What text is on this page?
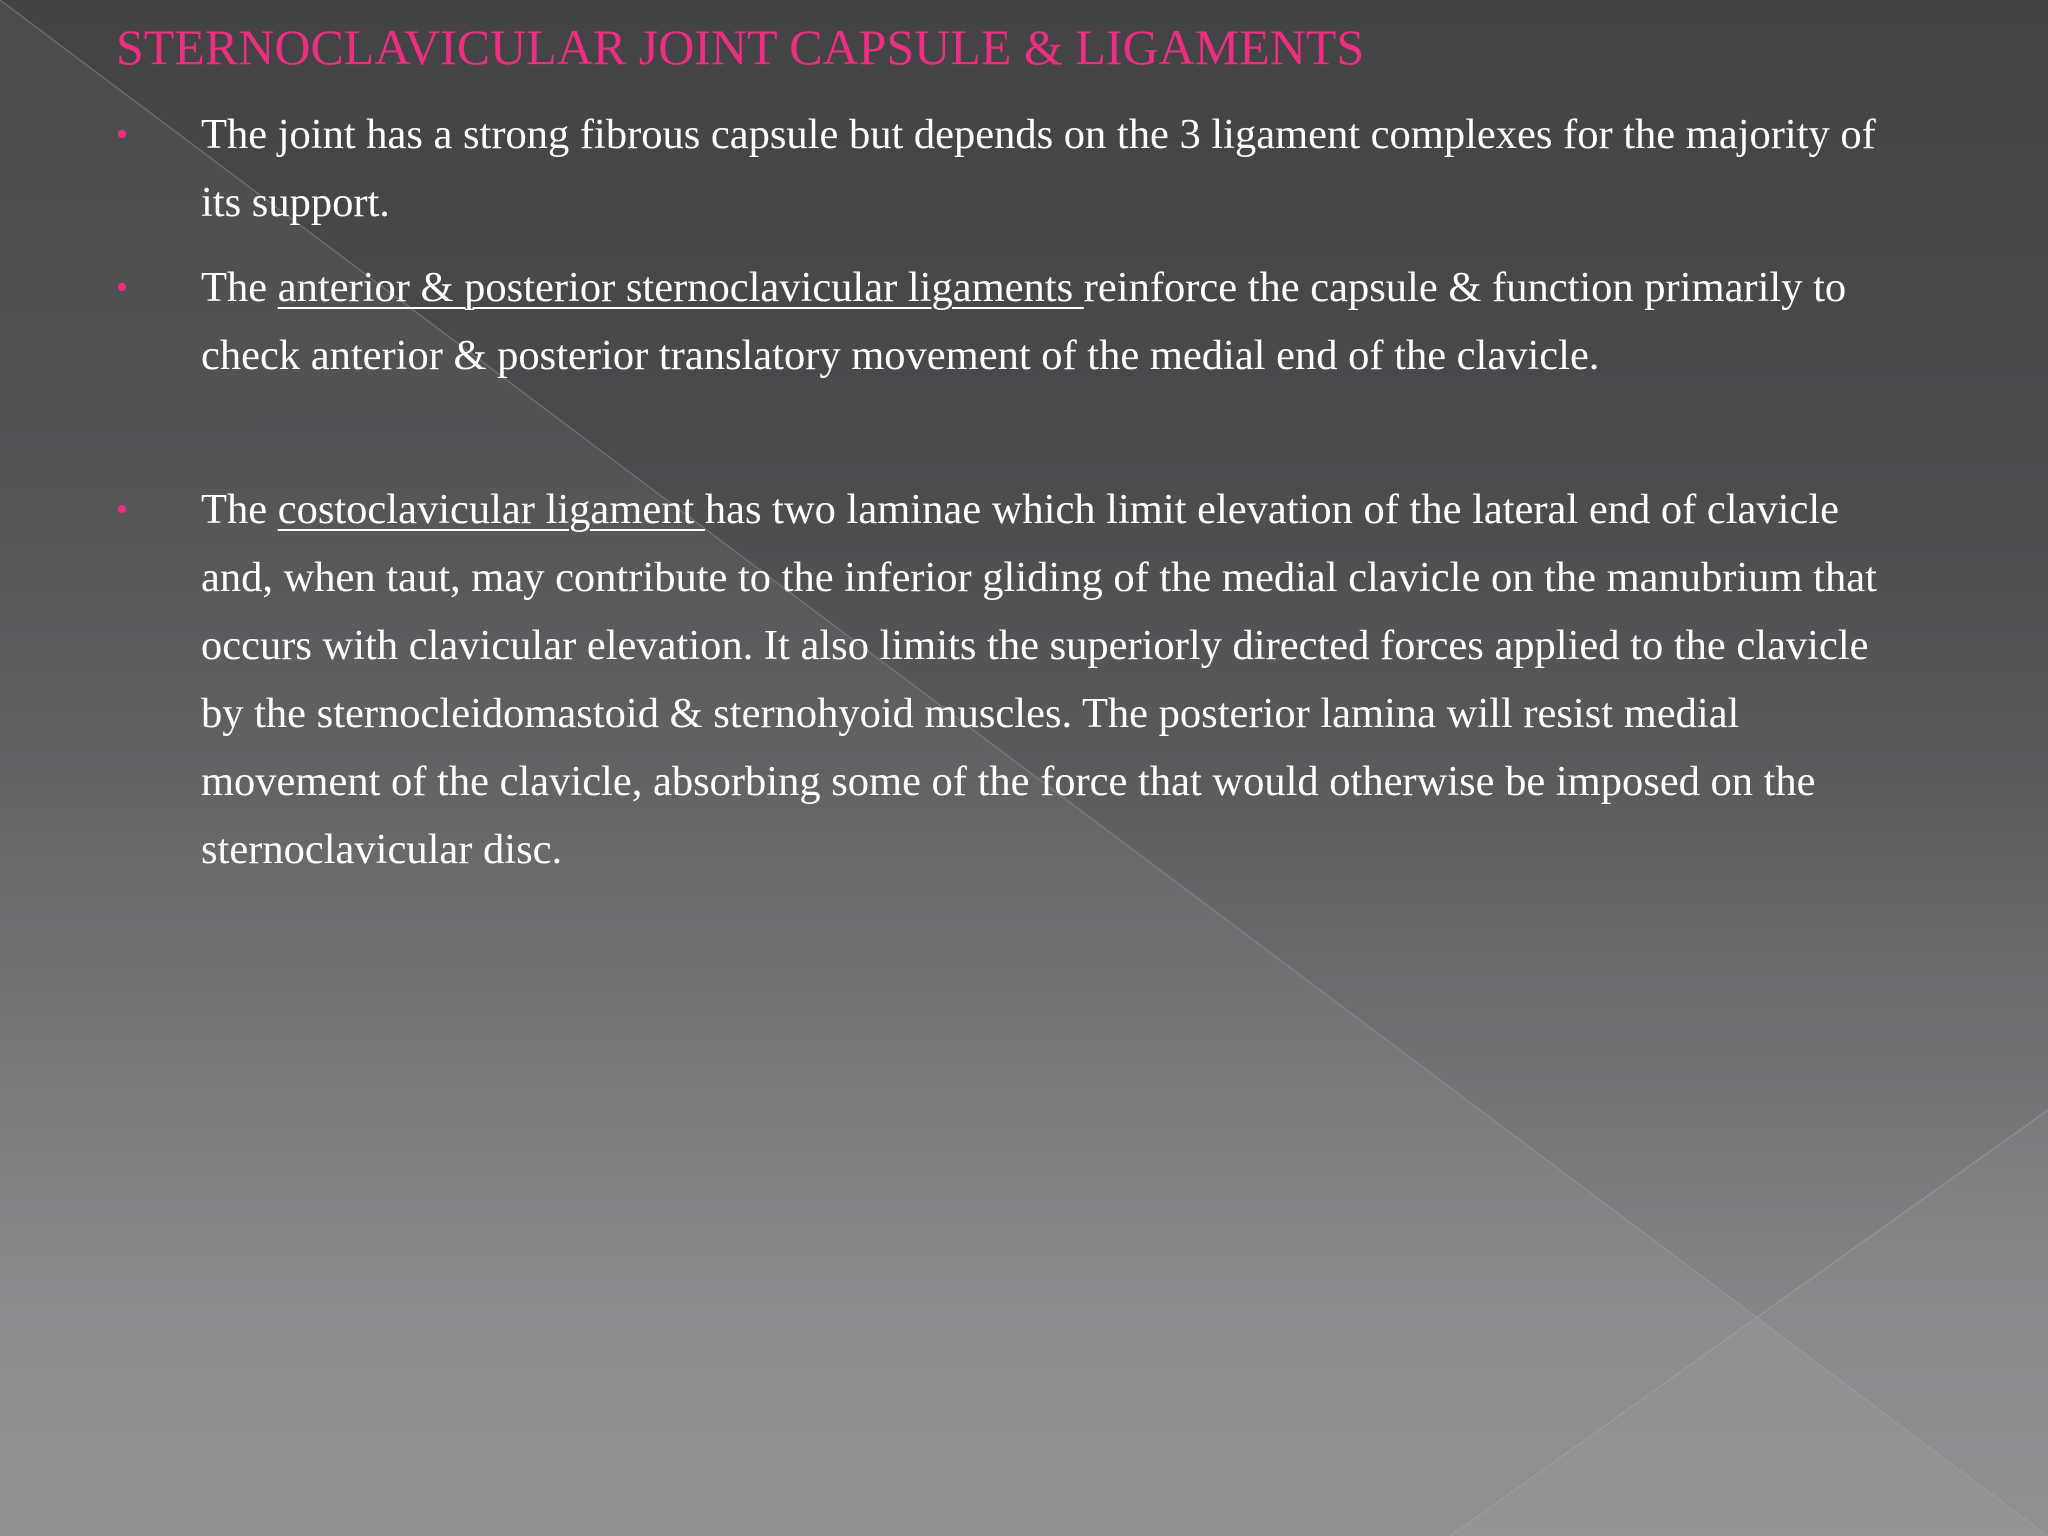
STERNOCLAVICULAR JOINT CAPSULE & LIGAMENTS
• The joint has a strong fibrous capsule but depends on the 3 ligament complexes for the majority of its support.
• The anterior & posterior sternoclavicular ligaments reinforce the capsule & function primarily to check anterior & posterior translatory movement of the medial end of the clavicle.
• The costoclavicular ligament has two laminae which limit elevation of the lateral end of clavicle and, when taut, may contribute to the inferior gliding of the medial clavicle on the manubrium that occurs with clavicular elevation. It also limits the superiorly directed forces applied to the clavicle by the sternocleidomastoid & sternohyoid muscles. The posterior lamina will resist medial movement of the clavicle, absorbing some of the force that would otherwise be imposed on the sternoclavicular disc.
